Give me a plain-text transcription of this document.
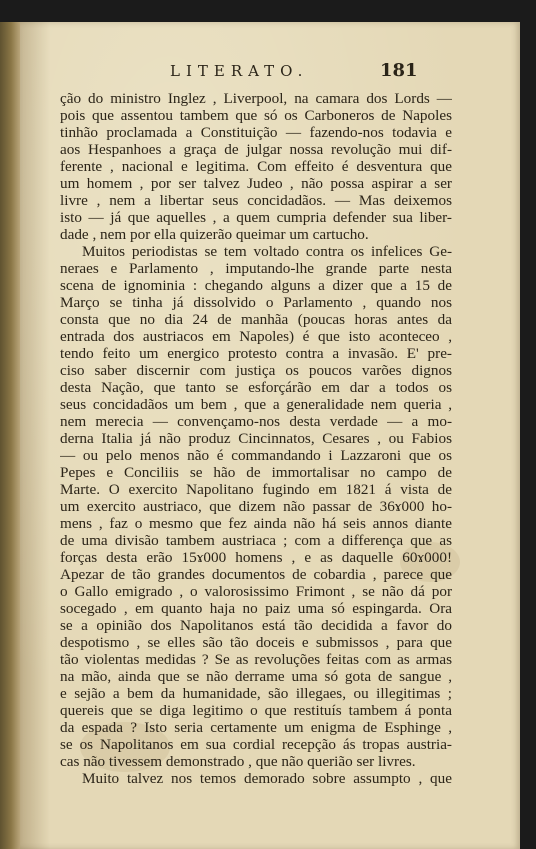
LITERATO.	181
ção do ministro Inglez , Liverpool, na camara dos Lords —
pois que assentou tambem que só os Carboneros de Napoles
tinhão proclamada a Constituição — fazendo-nos todavia e
aos Hespanhoes a graça de julgar nossa revolução mui dif-
ferente , nacional e legitima. Com effeito é desventura que
um homem , por ser talvez Judeo , não possa aspirar a ser
livre , nem a libertar seus concidadãos. — Mas deixemos
isto — já que aquelles , a quem cumpria defender sua liber-
dade , nem por ella quizerão queimar um cartucho.
Muitos periodistas se tem voltado contra os infelices Ge-
neraes e Parlamento , imputando-lhe grande parte nesta
scena de ignominia : chegando alguns a dizer que a 15 de
Março se tinha já dissolvido o Parlamento , quando nos
consta que no dia 24 de manhãa (poucas horas antes da
entrada dos austriacos em Napoles) é que isto aconteceo ,
tendo feito um energico protesto contra a invasão. E' pre-
ciso saber discernir com justiça os poucos varões dignos
desta Nação, que tanto se esforçárão em dar a todos os
seus concidadãos um bem , que a generalidade nem queria ,
nem merecia — convençamo-nos desta verdade — a mo-
derna Italia já não produz Cincinnatos, Cesares , ou Fabios
— ou pelo menos não é commandando i Lazzaroni que os
Pepes e Conciliis se hão de immortalisar no campo de
Marte. O exercito Napolitano fugindo em 1821 á vista de
um exercito austriaco, que dizem não passar de 36ɤ000 ho-
mens , faz o mesmo que fez ainda não há seis annos diante
de uma divisão tambem austriaca ; com a differença que as
forças desta erão 15ɤ000 homens , e as daquelle 60ɤ000!
Apezar de tão grandes documentos de cobardia , parece que
o Gallo emigrado , o valorosissimo Frimont , se não dá por
socegado , em quanto haja no paiz uma só espingarda. Ora
se a opinião dos Napolitanos está tão decidida a favor do
despotismo , se elles são tão doceis e submissos , para que
tão violentas medidas ? Se as revoluções feitas com as armas
na mão, ainda que se não derrame uma só gota de sangue ,
e sejão a bem da humanidade, são illegaes, ou illegitimas ;
quereis que se diga legitimo o que restituís tambem á ponta
da espada ? Isto seria certamente um enigma de Esphinge ,
se os Napolitanos em sua cordial recepção ás tropas austria-
cas não tivessem demonstrado , que não querião ser livres.
Muito talvez nos temos demorado sobre assumpto , que
